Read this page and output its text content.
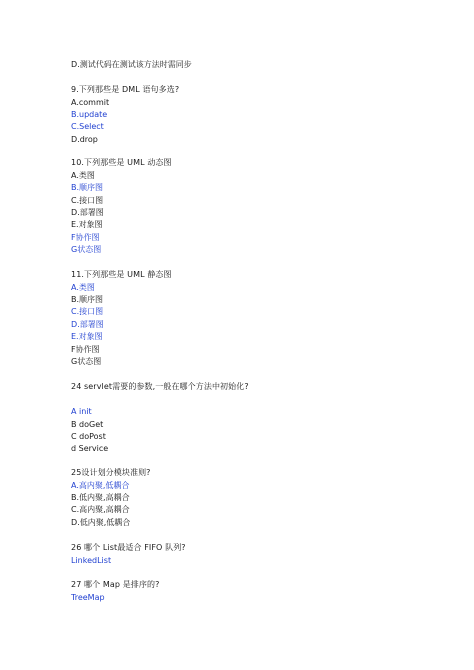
D.测试代码在测试该方法时需同步
9.下列那些是 DML 语句多选?
A.commit
B.update
C.Select
D.drop
10.下列那些是 UML 动态图
A.类图
B.顺序图
C.接口图
D.部署图
E.对象图
F协作图
G状态图
11.下列那些是 UML 静态图
A.类图
B.顺序图
C.接口图
D.部署图
E.对象图
F协作图
G状态图
24 servlet需要的参数,一般在哪个方法中初始化?
A init
B doGet
C doPost
d Service
25设计划分模块准则?
A.高内聚,低耦合
B.低内聚,高耦合
C.高内聚,高耦合
D.低内聚,低耦合
26 哪个 List最适合 FIFO 队列?
LinkedList
27 哪个 Map 是排序的?
TreeMap
